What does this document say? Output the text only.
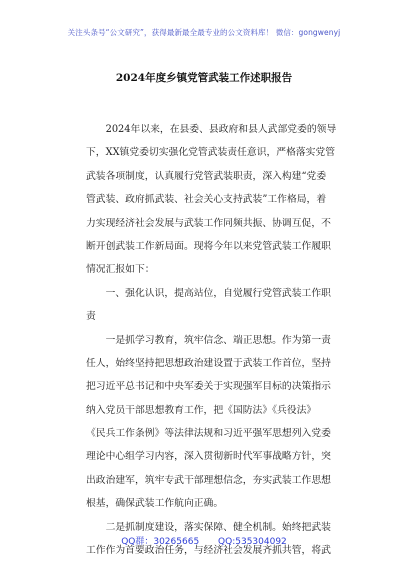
关注头条号“公文研究”，获得最新最全最专业的公文资料库！ 微信：gongwenyj
2024年度乡镇党管武装工作述职报告
　　2024年以来，在县委、县政府和县人武部党委的领导
下，XX镇党委切实强化党管武装责任意识，严格落实党管
武装各项制度，认真履行党管武装职责，深入构建“党委
管武装、政府抓武装、社会关心支持武装”工作格局，着
力实现经济社会发展与武装工作同频共振、协调互促，不
断开创武装工作新局面。现将今年以来党管武装工作履职
情况汇报如下：
　　一、强化认识，提高站位，自觉履行党管武装工作职
责
　　一是抓学习教育，筑牢信念、端正思想。作为第一责
任人，始终坚持把思想政治建设置于武装工作首位，坚持
把习近平总书记和中央军委关于实现强军目标的决策指示
纳入党员干部思想教育工作，把《国防法》《兵役法》
《民兵工作条例》等法律法规和习近平强军思想列入党委
理论中心组学习内容，深入贯彻新时代军事战略方针，突
出政治建军，筑牢专武干部理想信念，夯实武装工作思想
根基，确保武装工作航向正确。
　　二是抓制度建设，落实保障、健全机制。始终把武装
工作作为首要政治任务，与经济社会发展齐抓共管，将武
QQ群：30265665 QQ:535304092
